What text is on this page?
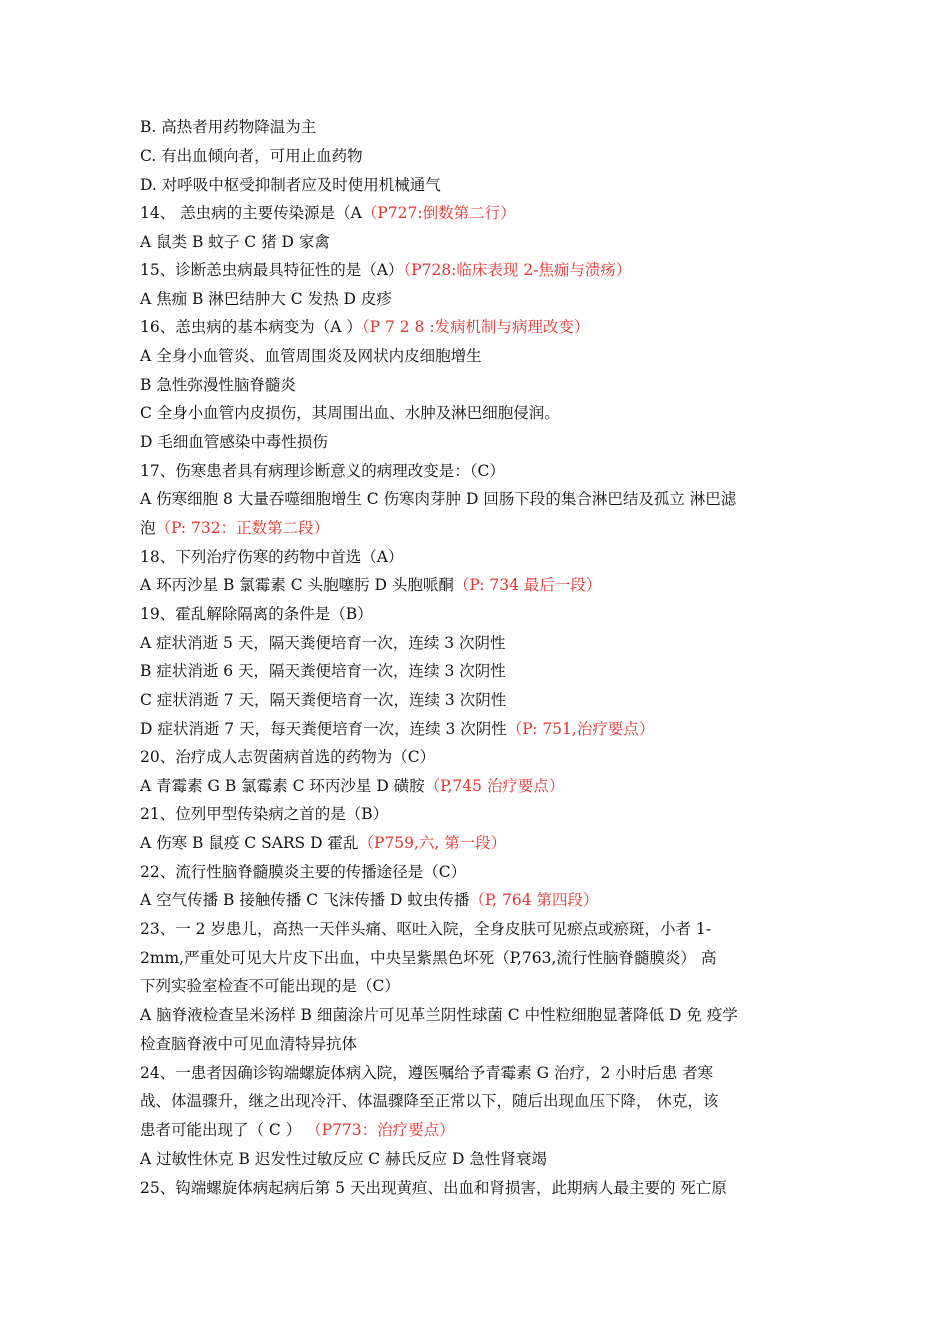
B. 高热者用药物降温为主
C. 有出血倾向者，可用止血药物
D. 对呼吸中枢受抑制者应及时使用机械通气
14、 恙虫病的主要传染源是（A（P727:倒数第二行）
A 鼠类 B 蚊子 C 猪 D 家禽
15、诊断恙虫病最具特征性的是（A）（P728:临床表现 2-焦痂与溃疡）
A 焦痂 B 淋巴结肿大 C 发热 D 皮疹
16、恙虫病的基本病变为（A ）（P 7 2 8 :发病机制与病理改变）
A 全身小血管炎、血管周围炎及网状内皮细胞增生
B 急性弥漫性脑脊髓炎
C 全身小血管内皮损伤，其周围出血、水肿及淋巴细胞侵润。
D 毛细血管感染中毒性损伤
17、伤寒患者具有病理诊断意义的病理改变是：（C）
A 伤寒细胞 8 大量吞噬细胞增生 C 伤寒肉芽肿 D 回肠下段的集合淋巴结及孤立 淋巴滤
泡（P: 732：正数第二段）
18、下列治疗伤寒的药物中首选（A）
A 环丙沙星 B 氯霉素 C 头胞噻肟 D 头胞哌酮（P: 734 最后一段）
19、霍乱解除隔离的条件是（B）
A 症状消逝 5 天，隔天粪便培育一次，连续 3 次阴性
B 症状消逝 6 天，隔天粪便培育一次，连续 3 次阴性
C 症状消逝 7 天，隔天粪便培育一次，连续 3 次阴性
D 症状消逝 7 天，每天粪便培育一次，连续 3 次阴性（P: 751,治疗要点）
20、治疗成人志贺菌病首选的药物为（C）
A 青霉素 G B 氯霉素 C 环丙沙星 D 磺胺（P,745 治疗要点）
21、位列甲型传染病之首的是（B）
A 伤寒 B 鼠疫 C SARS D 霍乱（P759,六, 第一段）
22、流行性脑脊髓膜炎主要的传播途径是（C）
A 空气传播 B 接触传播 C 飞沫传播 D 蚊虫传播（P, 764 第四段）
23、一 2 岁患儿，高热一天伴头痛、呕吐入院，全身皮肤可见瘀点或瘀斑，小者 1-
2mm,严重处可见大片皮下出血，中央呈紫黑色坏死（P,763,流行性脑脊髓膜炎） 高
下列实验室检查不可能出现的是（C）
A 脑脊液检查呈米汤样 B 细菌涂片可见革兰阴性球菌 C 中性粒细胞显著降低 D 免 疫学
检查脑脊液中可见血清特异抗体
24、一患者因确诊钩端螺旋体病入院，遵医嘱给予青霉素 G 治疗，2 小时后患 者寒
战、体温骤升，继之出现冷汗、体温骤降至正常以下，随后出现血压下降， 休克，该
患者可能出现了（ C ） （P773：治疗要点）
A 过敏性休克 B 迟发性过敏反应 C 赫氏反应 D 急性肾衰竭
25、钩端螺旋体病起病后第 5 天出现黄疸、出血和肾损害，此期病人最主要的 死亡原
